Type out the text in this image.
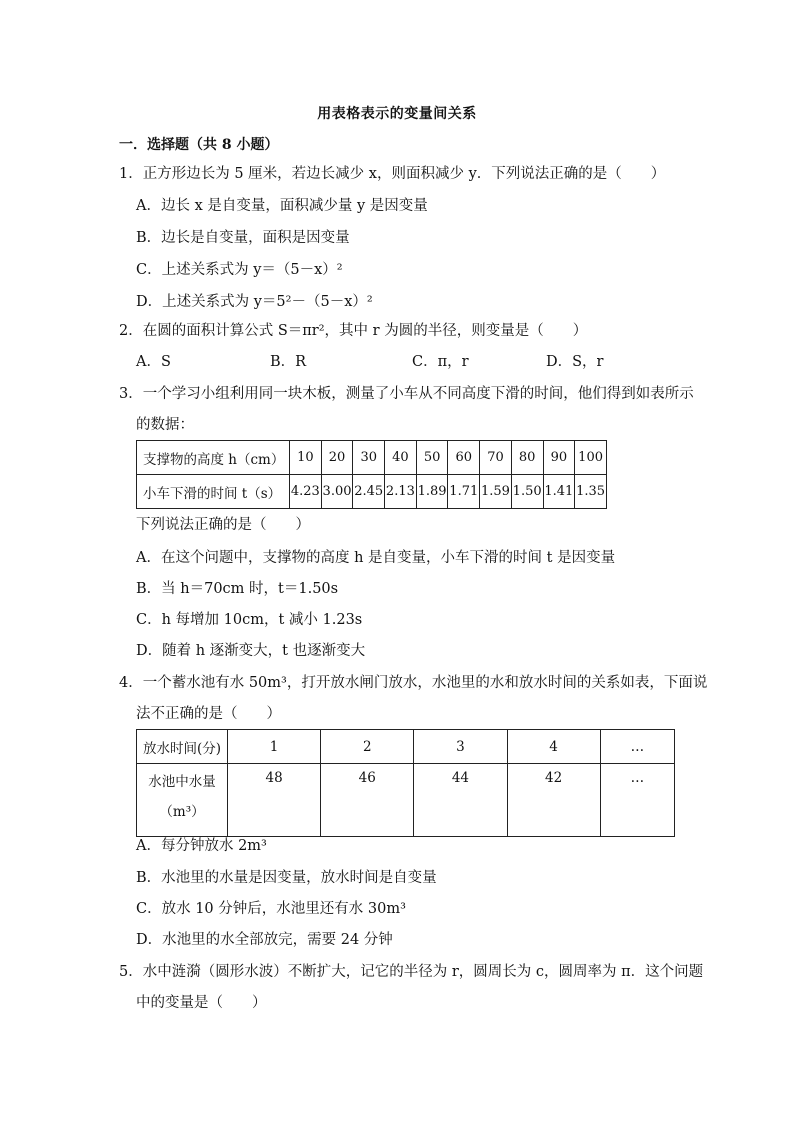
用表格表示的变量间关系
一．选择题（共 8 小题）
1．正方形边长为 5 厘米，若边长减少 x，则面积减少 y．下列说法正确的是（　　）
A．边长 x 是自变量，面积减少量 y 是因变量
B．边长是自变量，面积是因变量
C．上述关系式为 y＝（5－x）²
D．上述关系式为 y＝5²－（5－x）²
2．在圆的面积计算公式 S＝πr²，其中 r 为圆的半径，则变量是（　　）
A．S	B．R	C．π，r	D．S，r
3．一个学习小组利用同一块木板，测量了小车从不同高度下滑的时间，他们得到如表所示
的数据：
支撑物的高度 h（cm）	10	20	30	40	50	60	70	80	90	100
小车下滑的时间 t（s）	4.23	3.00	2.45	2.13	1.89	1.71	1.59	1.50	1.41	1.35
下列说法正确的是（　　）
A．在这个问题中，支撑物的高度 h 是自变量，小车下滑的时间 t 是因变量
B．当 h＝70cm 时，t＝1.50s
C．h 每增加 10cm，t 减小 1.23s
D．随着 h 逐渐变大，t 也逐渐变大
4．一个蓄水池有水 50m³，打开放水闸门放水，水池里的水和放水时间的关系如表，下面说
法不正确的是（　　）
放水时间(分)	1	2	3	4	…

水池中水量
（m³）	48	46	44	42	…
A．每分钟放水 2m³
B．水池里的水量是因变量，放水时间是自变量
C．放水 10 分钟后，水池里还有水 30m³
D．水池里的水全部放完，需要 24 分钟
5．水中涟漪（圆形水波）不断扩大，记它的半径为 r，圆周长为 c，圆周率为 π．这个问题
中的变量是（　　）
